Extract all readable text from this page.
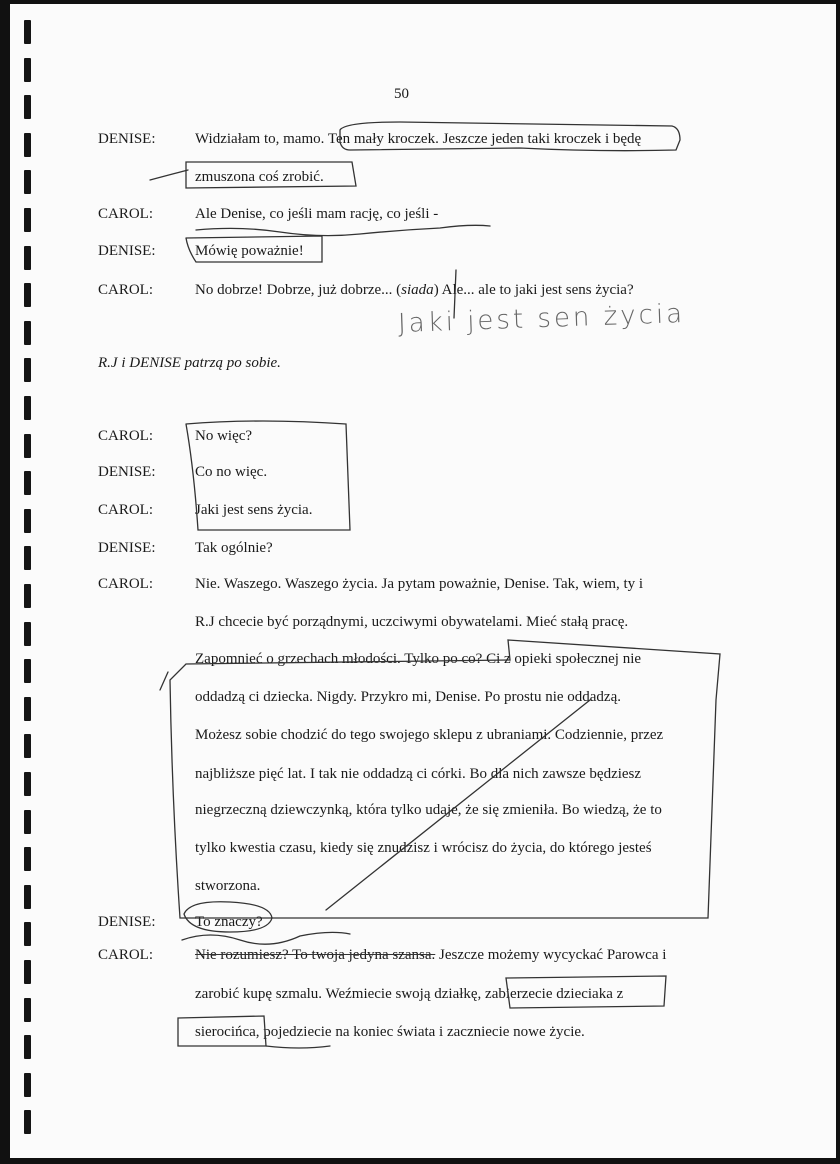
50
DENISE:	Widziałam to, mamo. Ten mały kroczek. Jeszcze jeden taki kroczek i będę
zmuszona coś zrobić.
CAROL:	Ale Denise, co jeśli mam rację, co jeśli -
DENISE:	Mówię poważnie!
CAROL:	No dobrze! Dobrze, już dobrze... (siada) Ale... ale to jaki jest sens życia?
Jaki jest sen życia
R.J i DENISE patrzą po sobie.
CAROL:	No więc?
DENISE:	Co no więc.
CAROL:	Jaki jest sens życia.
DENISE:	Tak ogólnie?
CAROL:	Nie. Waszego. Waszego życia. Ja pytam poważnie, Denise. Tak, wiem, ty i
R.J chcecie być porządnymi, uczciwymi obywatelami. Mieć stałą pracę.
Zapomnieć o grzechach młodości. Tylko po co? Ci z opieki społecznej nie
oddadzą ci dziecka. Nigdy. Przykro mi, Denise. Po prostu nie oddadzą.
Możesz sobie chodzić do tego swojego sklepu z ubraniami. Codziennie, przez
najbliższe pięć lat. I tak nie oddadzą ci córki. Bo dla nich zawsze będziesz
niegrzeczną dziewczynką, która tylko udaje, że się zmieniła. Bo wiedzą, że to
tylko kwestia czasu, kiedy się znudzisz i wrócisz do życia, do którego jesteś
stworzona.
DENISE:	To znaczy?
CAROL:	Nie rozumiesz? To twoja jedyna szansa. Jeszcze możemy wycyckać Parowca i
zarobić kupę szmalu. Weźmiecie swoją działkę, zabierzecie dzieciaka z
sierocińca, pojedziecie na koniec świata i zaczniecie nowe życie.
